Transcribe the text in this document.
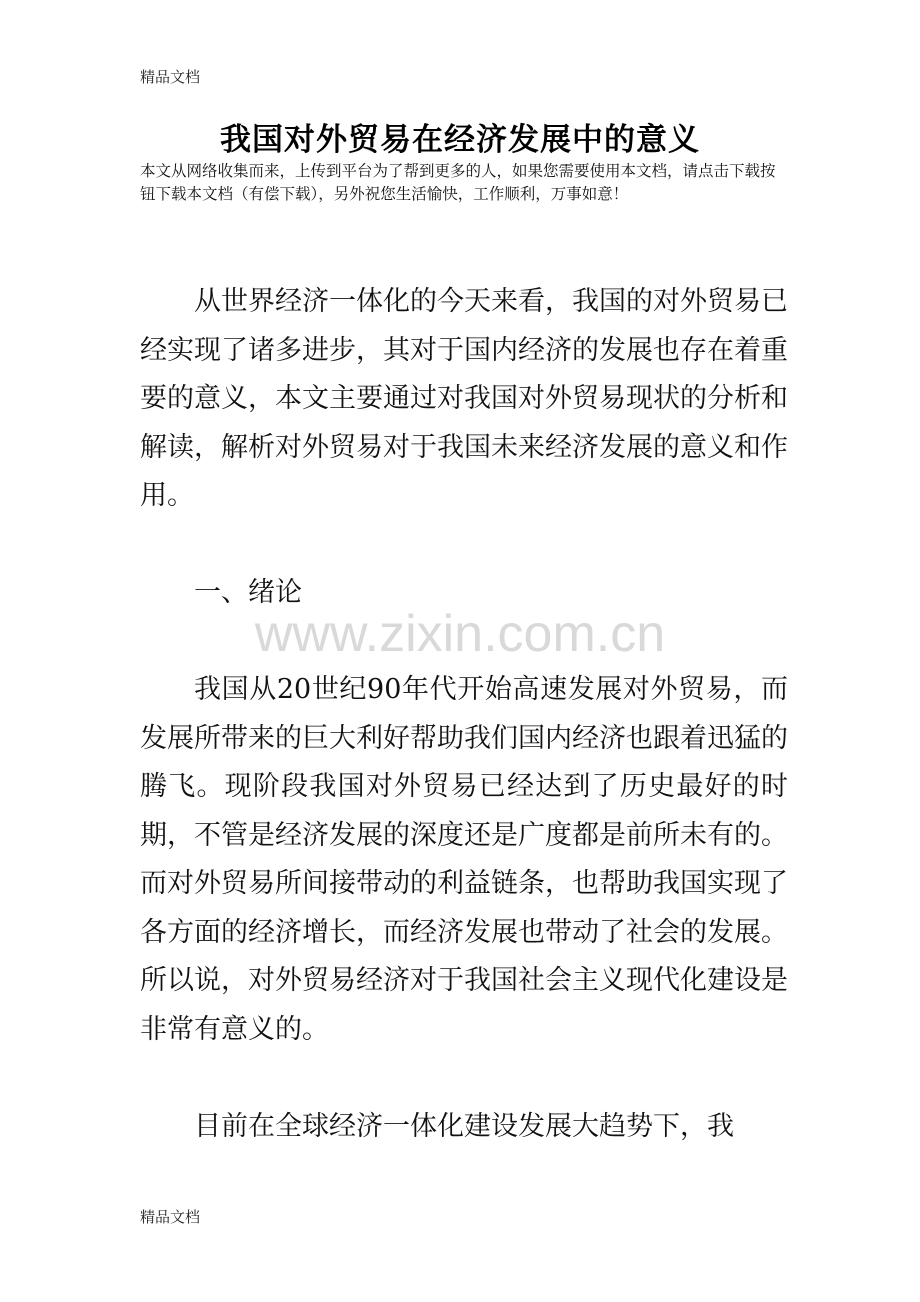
精品文档
我国对外贸易在经济发展中的意义
本文从网络收集而来，上传到平台为了帮到更多的人，如果您需要使用本文档，请点击下载按钮下载本文档（有偿下载），另外祝您生活愉快，工作顺利，万事如意！

从世界经济一体化的今天来看，我国的对外贸易已经实现了诸多进步，其对于国内经济的发展也存在着重要的意义，本文主要通过对我国对外贸易现状的分析和解读，解析对外贸易对于我国未来经济发展的意义和作用。

一、绪论

我国从20世纪90年代开始高速发展对外贸易，而发展所带来的巨大利好帮助我们国内经济也跟着迅猛的腾飞。现阶段我国对外贸易已经达到了历史最好的时期，不管是经济发展的深度还是广度都是前所未有的。而对外贸易所间接带动的利益链条，也帮助我国实现了各方面的经济增长，而经济发展也带动了社会的发展。所以说，对外贸易经济对于我国社会主义现代化建设是非常有意义的。

目前在全球经济一体化建设发展大趋势下，我

www.zixin.com.cn
精品文档
